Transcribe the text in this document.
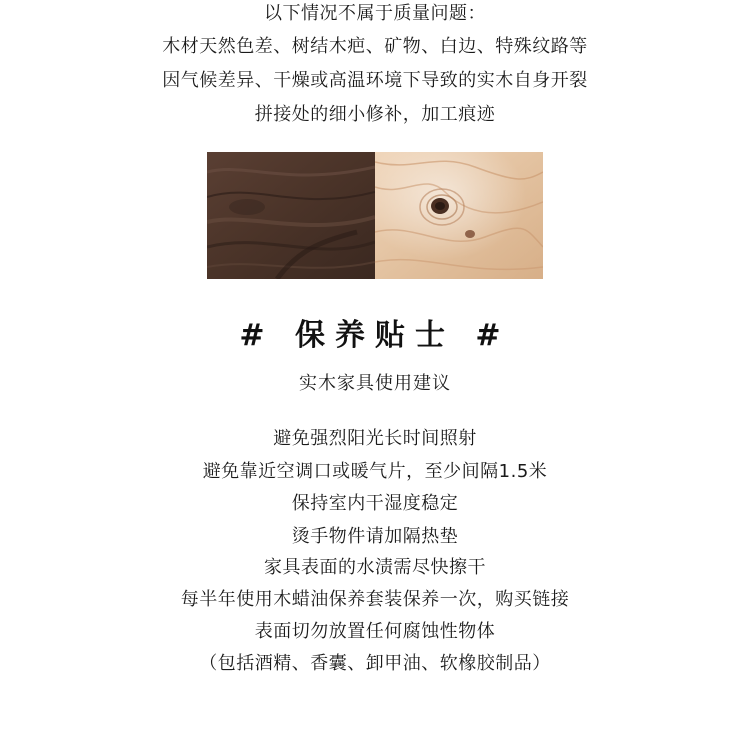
以下情况不属于质量问题：
木材天然色差、树结木疤、矿物、白边、特殊纹路等
因气候差异、干燥或高温环境下导致的实木自身开裂
拼接处的细小修补，加工痕迹
# 保养贴士 #
实木家具使用建议
避免强烈阳光长时间照射
避免靠近空调口或暖气片，至少间隔1.5米
保持室内干湿度稳定
烫手物件请加隔热垫
家具表面的水渍需尽快擦干
每半年使用木蜡油保养套装保养一次，购买链接
表面切勿放置任何腐蚀性物体
（包括酒精、香囊、卸甲油、软橡胶制品）
